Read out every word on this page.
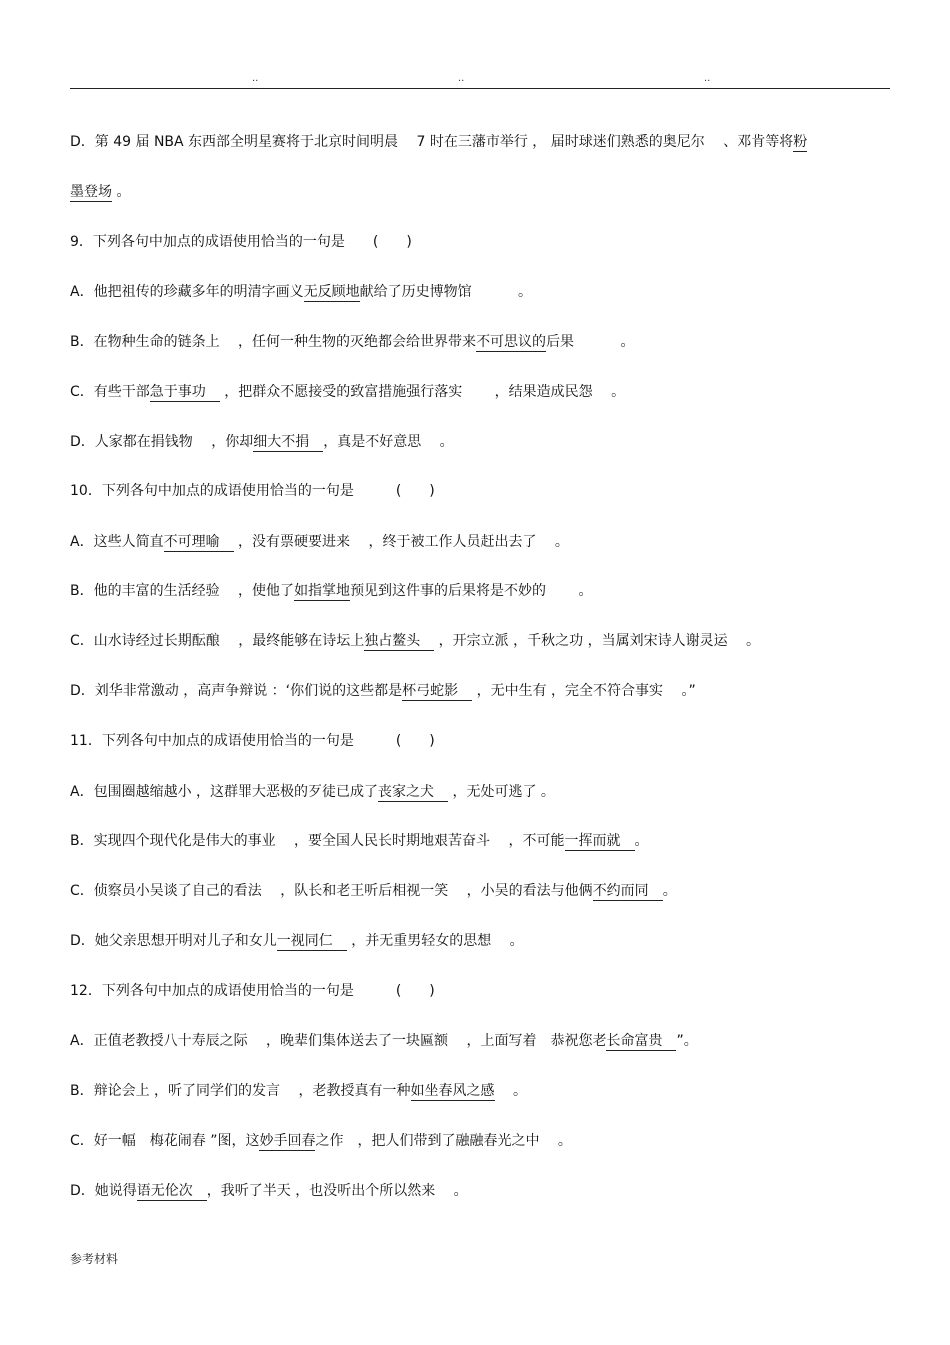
..	..	..
D．第 49 届 NBA 东西部全明星赛将于北京时间明晨　 7 时在三藩市举行 ， 届时球迷们熟悉的奥尼尔　 、邓肯等将粉
墨登场 。
9．下列各句中加点的成语使用恰当的一句是　　(　　)
A．他把祖传的珍藏多年的明清字画义无反顾地献给了历史博物馆　　　 。
B．在物种生命的链条上　 ，任何一种生物的灭绝都会给世界带来不可思议的后果　　　 。
C．有些干部急于事功　 ，把群众不愿接受的致富措施强行落实　　 ，结果造成民怨　 。
D．人家都在捐钱物　 ，你却细大不捐　，真是不好意思　 。
10．下列各句中加点的成语使用恰当的一句是　　　(　　)
A．这些人简直不可理喻　 ，没有票硬要进来　 ，终于被工作人员赶出去了　 。
B．他的丰富的生活经验　 ，使他了如指掌地预见到这件事的后果将是不妙的　　 。
C．山水诗经过长期酝酿　 ，最终能够在诗坛上独占鳌头　 ，开宗立派 ，千秋之功 ，当属刘宋诗人谢灵运　 。
D．刘华非常激动 ，高声争辩说 ：‘你们说的这些都是杯弓蛇影　 ，无中生有 ，完全不符合事实　 。”
11．下列各句中加点的成语使用恰当的一句是　　　(　　)
A．包围圈越缩越小 ，这群罪大恶极的歹徒已成了丧家之犬　 ，无处可逃了 。
B．实现四个现代化是伟大的事业　 ，要全国人民长时期地艰苦奋斗　 ，不可能一挥而就　。
C．侦察员小吴谈了自己的看法　 ，队长和老王听后相视一笑　 ，小吴的看法与他俩不约而同　。
D．她父亲思想开明对儿子和女儿一视同仁　 ，并无重男轻女的思想　 。
12．下列各句中加点的成语使用恰当的一句是　　　(　　)
A．正值老教授八十寿辰之际　 ，晚辈们集体送去了一块匾额　 ，上面写着　恭祝您老长命富贵　”。
B．辩论会上 ，听了同学们的发言　 ，老教授真有一种如坐春风之感　 。
C．好一幅　梅花闹春 ”图，这妙手回春之作　，把人们带到了融融春光之中　 。
D．她说得语无伦次　，我听了半天 ，也没听出个所以然来　 。
参考材料
